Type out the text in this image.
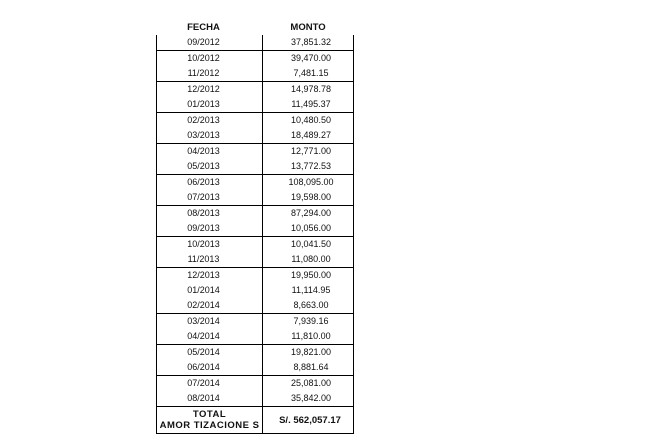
FECHA	MONTO
09/2012	37,851.32
10/2012	39,470.00
11/2012	7,481.15
12/2012	14,978.78
01/2013	11,495.37
02/2013	10,480.50
03/2013	18,489.27
04/2013	12,771.00
05/2013	13,772.53
06/2013	108,095.00
07/2013	19,598.00
08/2013	87,294.00
09/2013	10,056.00
10/2013	10,041.50
11/2013	11,080.00
12/2013	19,950.00
01/2014	11,114.95
02/2014	8,663.00
03/2014	7,939.16
04/2014	11,810.00
05/2014	19,821.00
06/2014	8,881.64
07/2014	25,081.00
08/2014	35,842.00

TOTAL
AMOR TIZACIONE S	S/. 562,057.17
